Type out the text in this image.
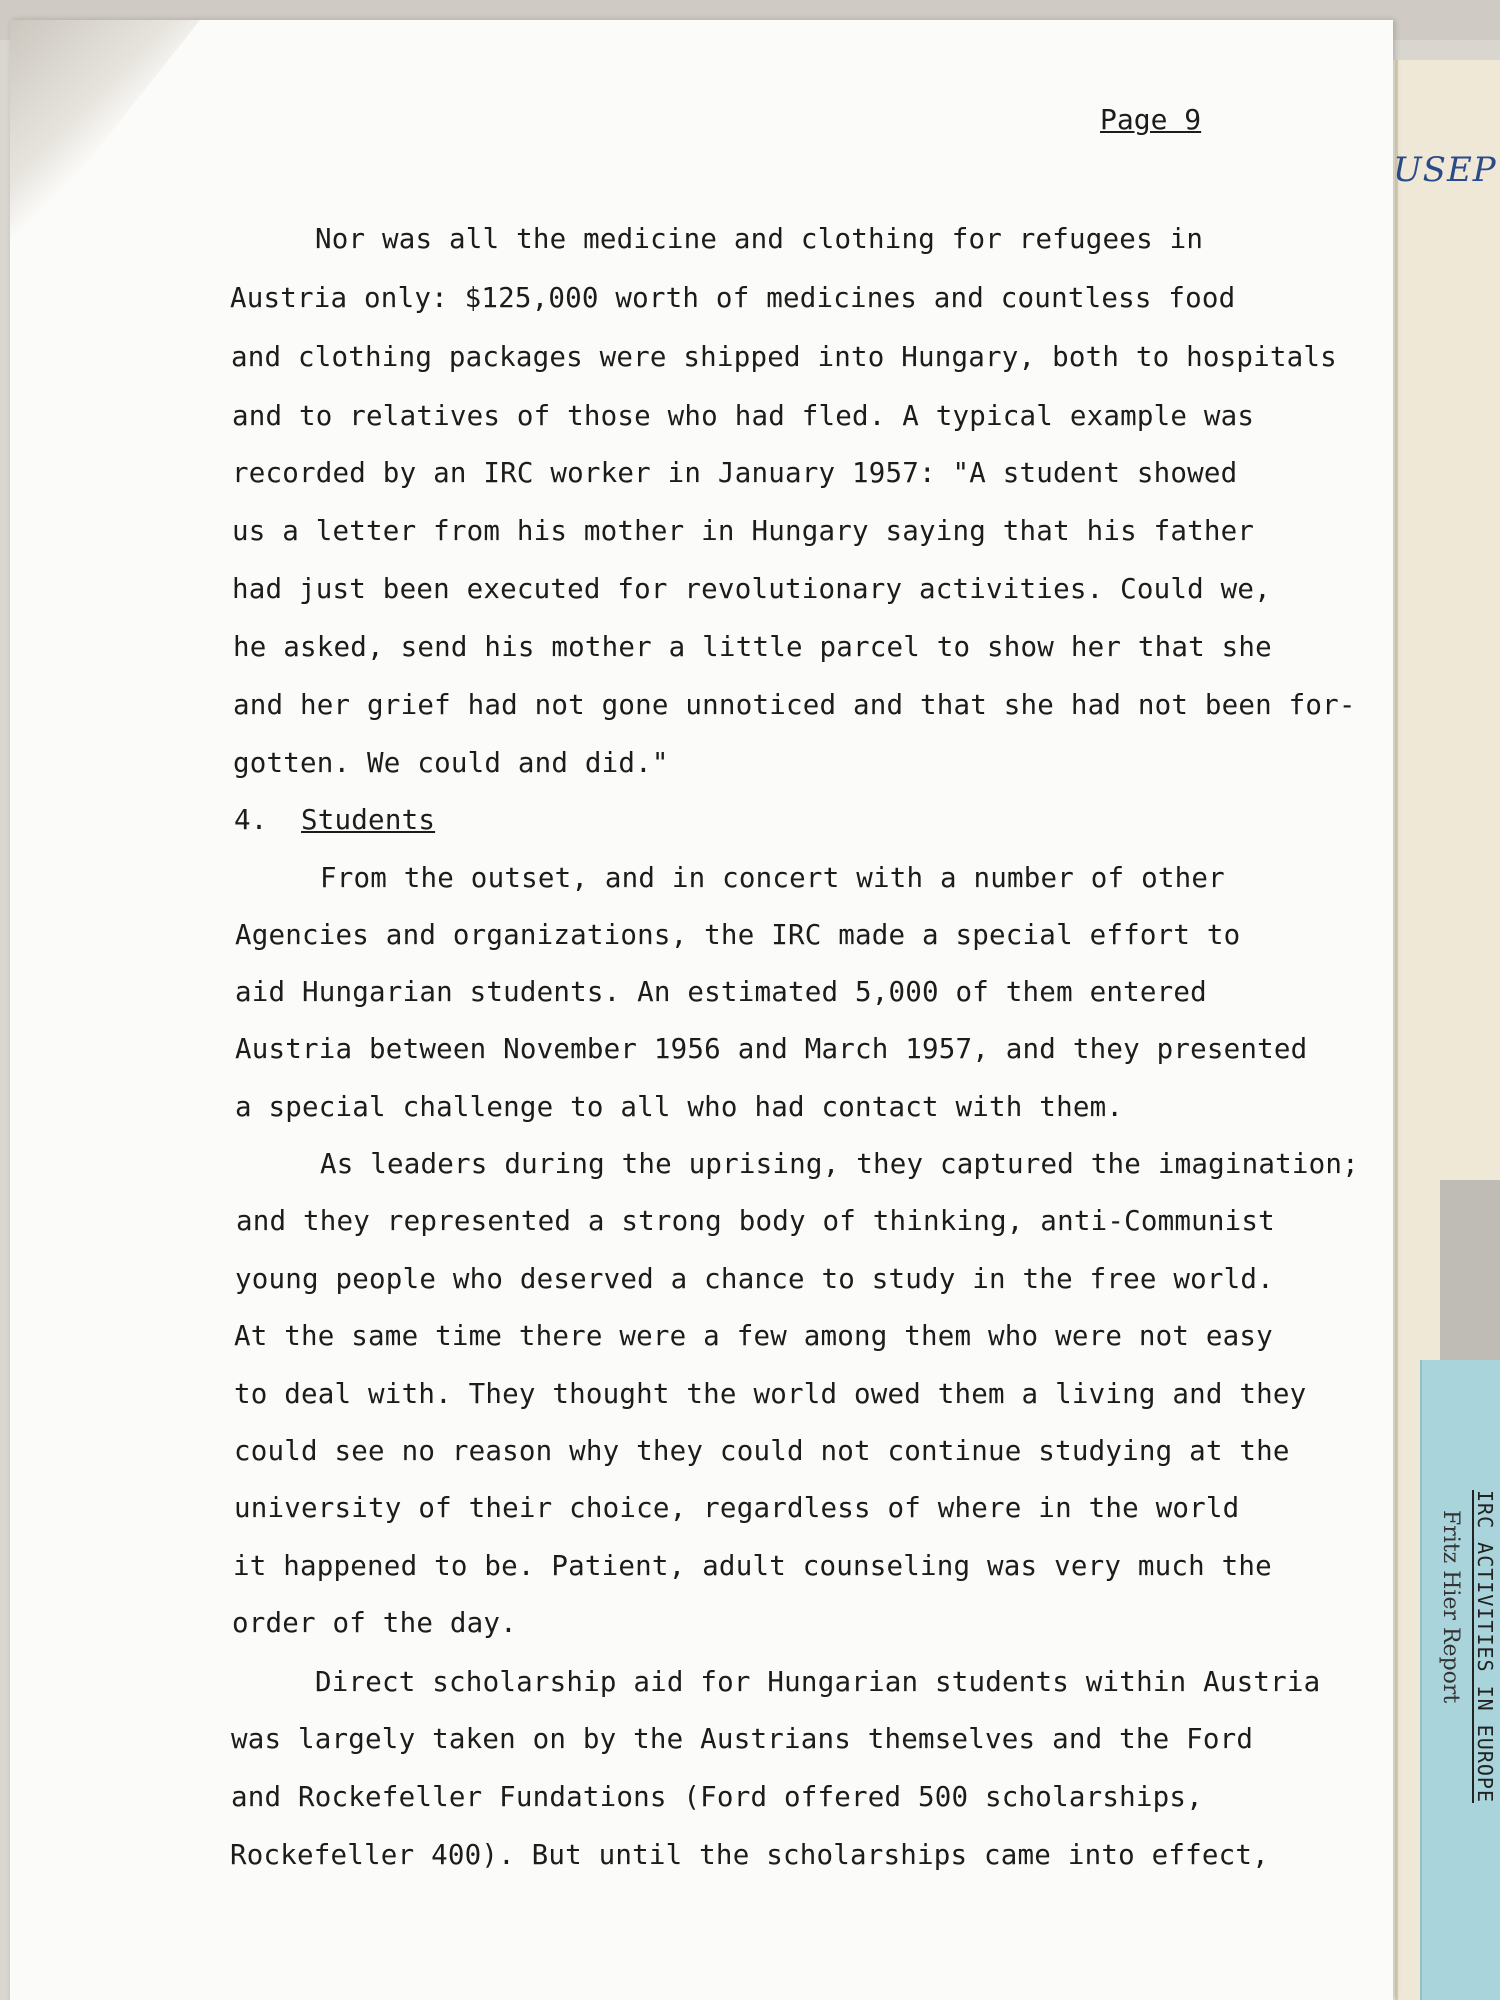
Fritz Hier Report IRC ACTIVITIES IN EUROPE
USEP
Page 9
Nor was all the medicine and clothing for refugees in
Austria only: $125,000 worth of medicines and countless food
and clothing packages were shipped into Hungary, both to hospitals
and to relatives of those who had fled. A typical example was
recorded by an IRC worker in January 1957: "A student showed
us a letter from his mother in Hungary saying that his father
had just been executed for revolutionary activities. Could we,
he asked, send his mother a little parcel to show her that she
and her grief had not gone unnoticed and that she had not been for-
gotten. We could and did."
4. Students
From the outset, and in concert with a number of other
Agencies and organizations, the IRC made a special effort to
aid Hungarian students. An estimated 5,000 of them entered
Austria between November 1956 and March 1957, and they presented
a special challenge to all who had contact with them.
As leaders during the uprising, they captured the imagination;
and they represented a strong body of thinking, anti-Communist
young people who deserved a chance to study in the free world.
At the same time there were a few among them who were not easy
to deal with. They thought the world owed them a living and they
could see no reason why they could not continue studying at the
university of their choice, regardless of where in the world
it happened to be. Patient, adult counseling was very much the
order of the day.
Direct scholarship aid for Hungarian students within Austria
was largely taken on by the Austrians themselves and the Ford
and Rockefeller Fundations (Ford offered 500 scholarships,
Rockefeller 400). But until the scholarships came into effect,
